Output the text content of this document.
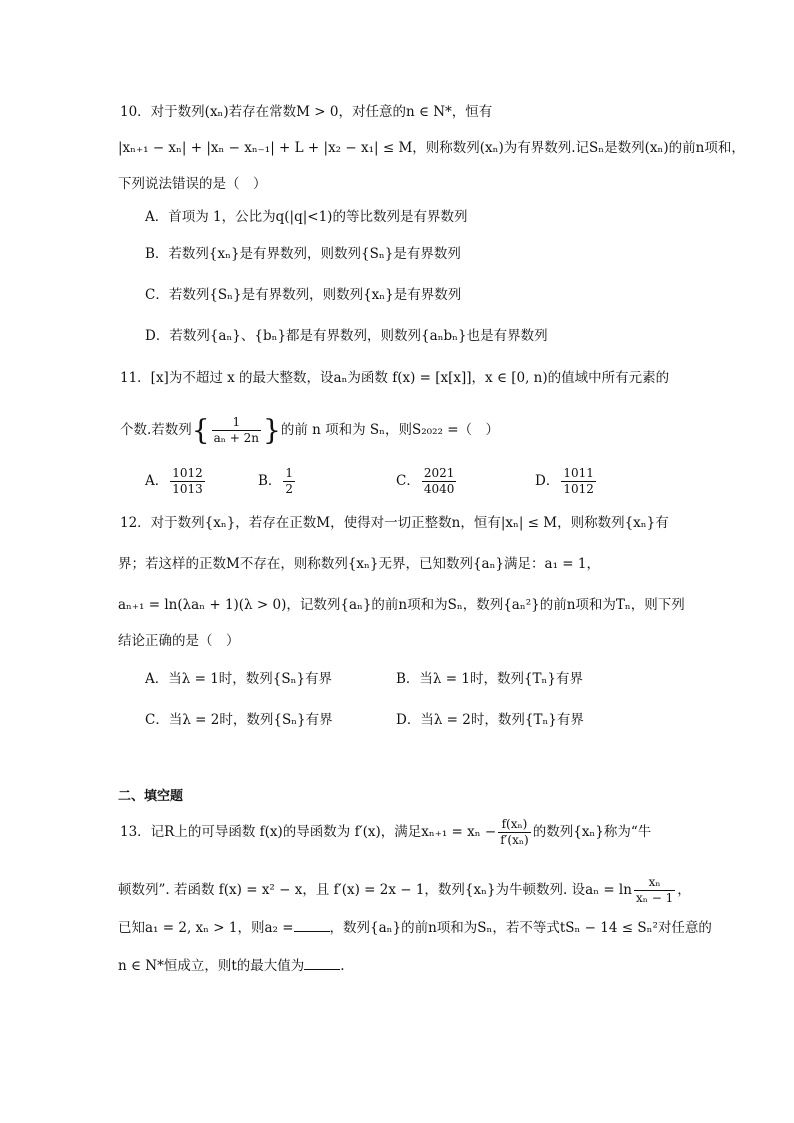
10．对于数列(xₙ)若存在常数M > 0，对任意的n ∈ N*，恒有
|xₙ₊₁ − xₙ| + |xₙ − xₙ₋₁| + L + |x₂ − x₁| ≤ M，则称数列(xₙ)为有界数列.记Sₙ是数列(xₙ)的前n项和，
下列说法错误的是（　）
A．首项为 1，公比为q(|q|<1)的等比数列是有界数列
B．若数列{xₙ}是有界数列，则数列{Sₙ}是有界数列
C．若数列{Sₙ}是有界数列，则数列{xₙ}是有界数列
D．若数列{aₙ}、{bₙ}都是有界数列，则数列{aₙbₙ}也是有界数列
11．[x]为不超过 x 的最大整数，设aₙ为函数 f(x) = [x[x]]，x ∈ [0, n)的值域中所有元素的
个数.若数列{ $\frac{1}{\text{aₙ + 2n}}$ }的前 n 项和为 Sₙ，则S₂₀₂₂ =（　）
A． $\frac{1012}{1013}$	B． $\frac{1}{2}$	C． $\frac{2021}{4040}$	D． $\frac{1011}{1012}$
12．对于数列{xₙ}，若存在正数M，使得对一切正整数n，恒有|xₙ| ≤ M，则称数列{xₙ}有
界；若这样的正数M不存在，则称数列{xₙ}无界，已知数列{aₙ}满足：a₁ = 1，
aₙ₊₁ = ln(λaₙ + 1)(λ > 0)，记数列{aₙ}的前n项和为Sₙ，数列{aₙ²}的前n项和为Tₙ，则下列
结论正确的是（　）
A．当λ = 1时，数列{Sₙ}有界	B．当λ = 1时，数列{Tₙ}有界
C．当λ = 2时，数列{Sₙ}有界	D．当λ = 2时，数列{Tₙ}有界
二、填空题
13．记R上的可导函数 f(x)的导函数为 f′(x)，满足$x_{n+1} = x_n - \frac{\text{f(xₙ)}}{\text{f′(xₙ)}}$ 的数列{xₙ}称为“牛
顿数列”. 若函数 f(x) = x² − x，且 f′(x) = 2x − 1，数列{xₙ}为牛顿数列. 设$a_n = \ln \frac{\text{xₙ}}{\text{xₙ − 1}}$ ，
已知a₁ = 2, xₙ > 1，则a₂ =	，数列{aₙ}的前n项和为Sₙ，若不等式tSₙ − 14 ≤ Sₙ²对任意的
n ∈ N*恒成立，则t的最大值为	.
